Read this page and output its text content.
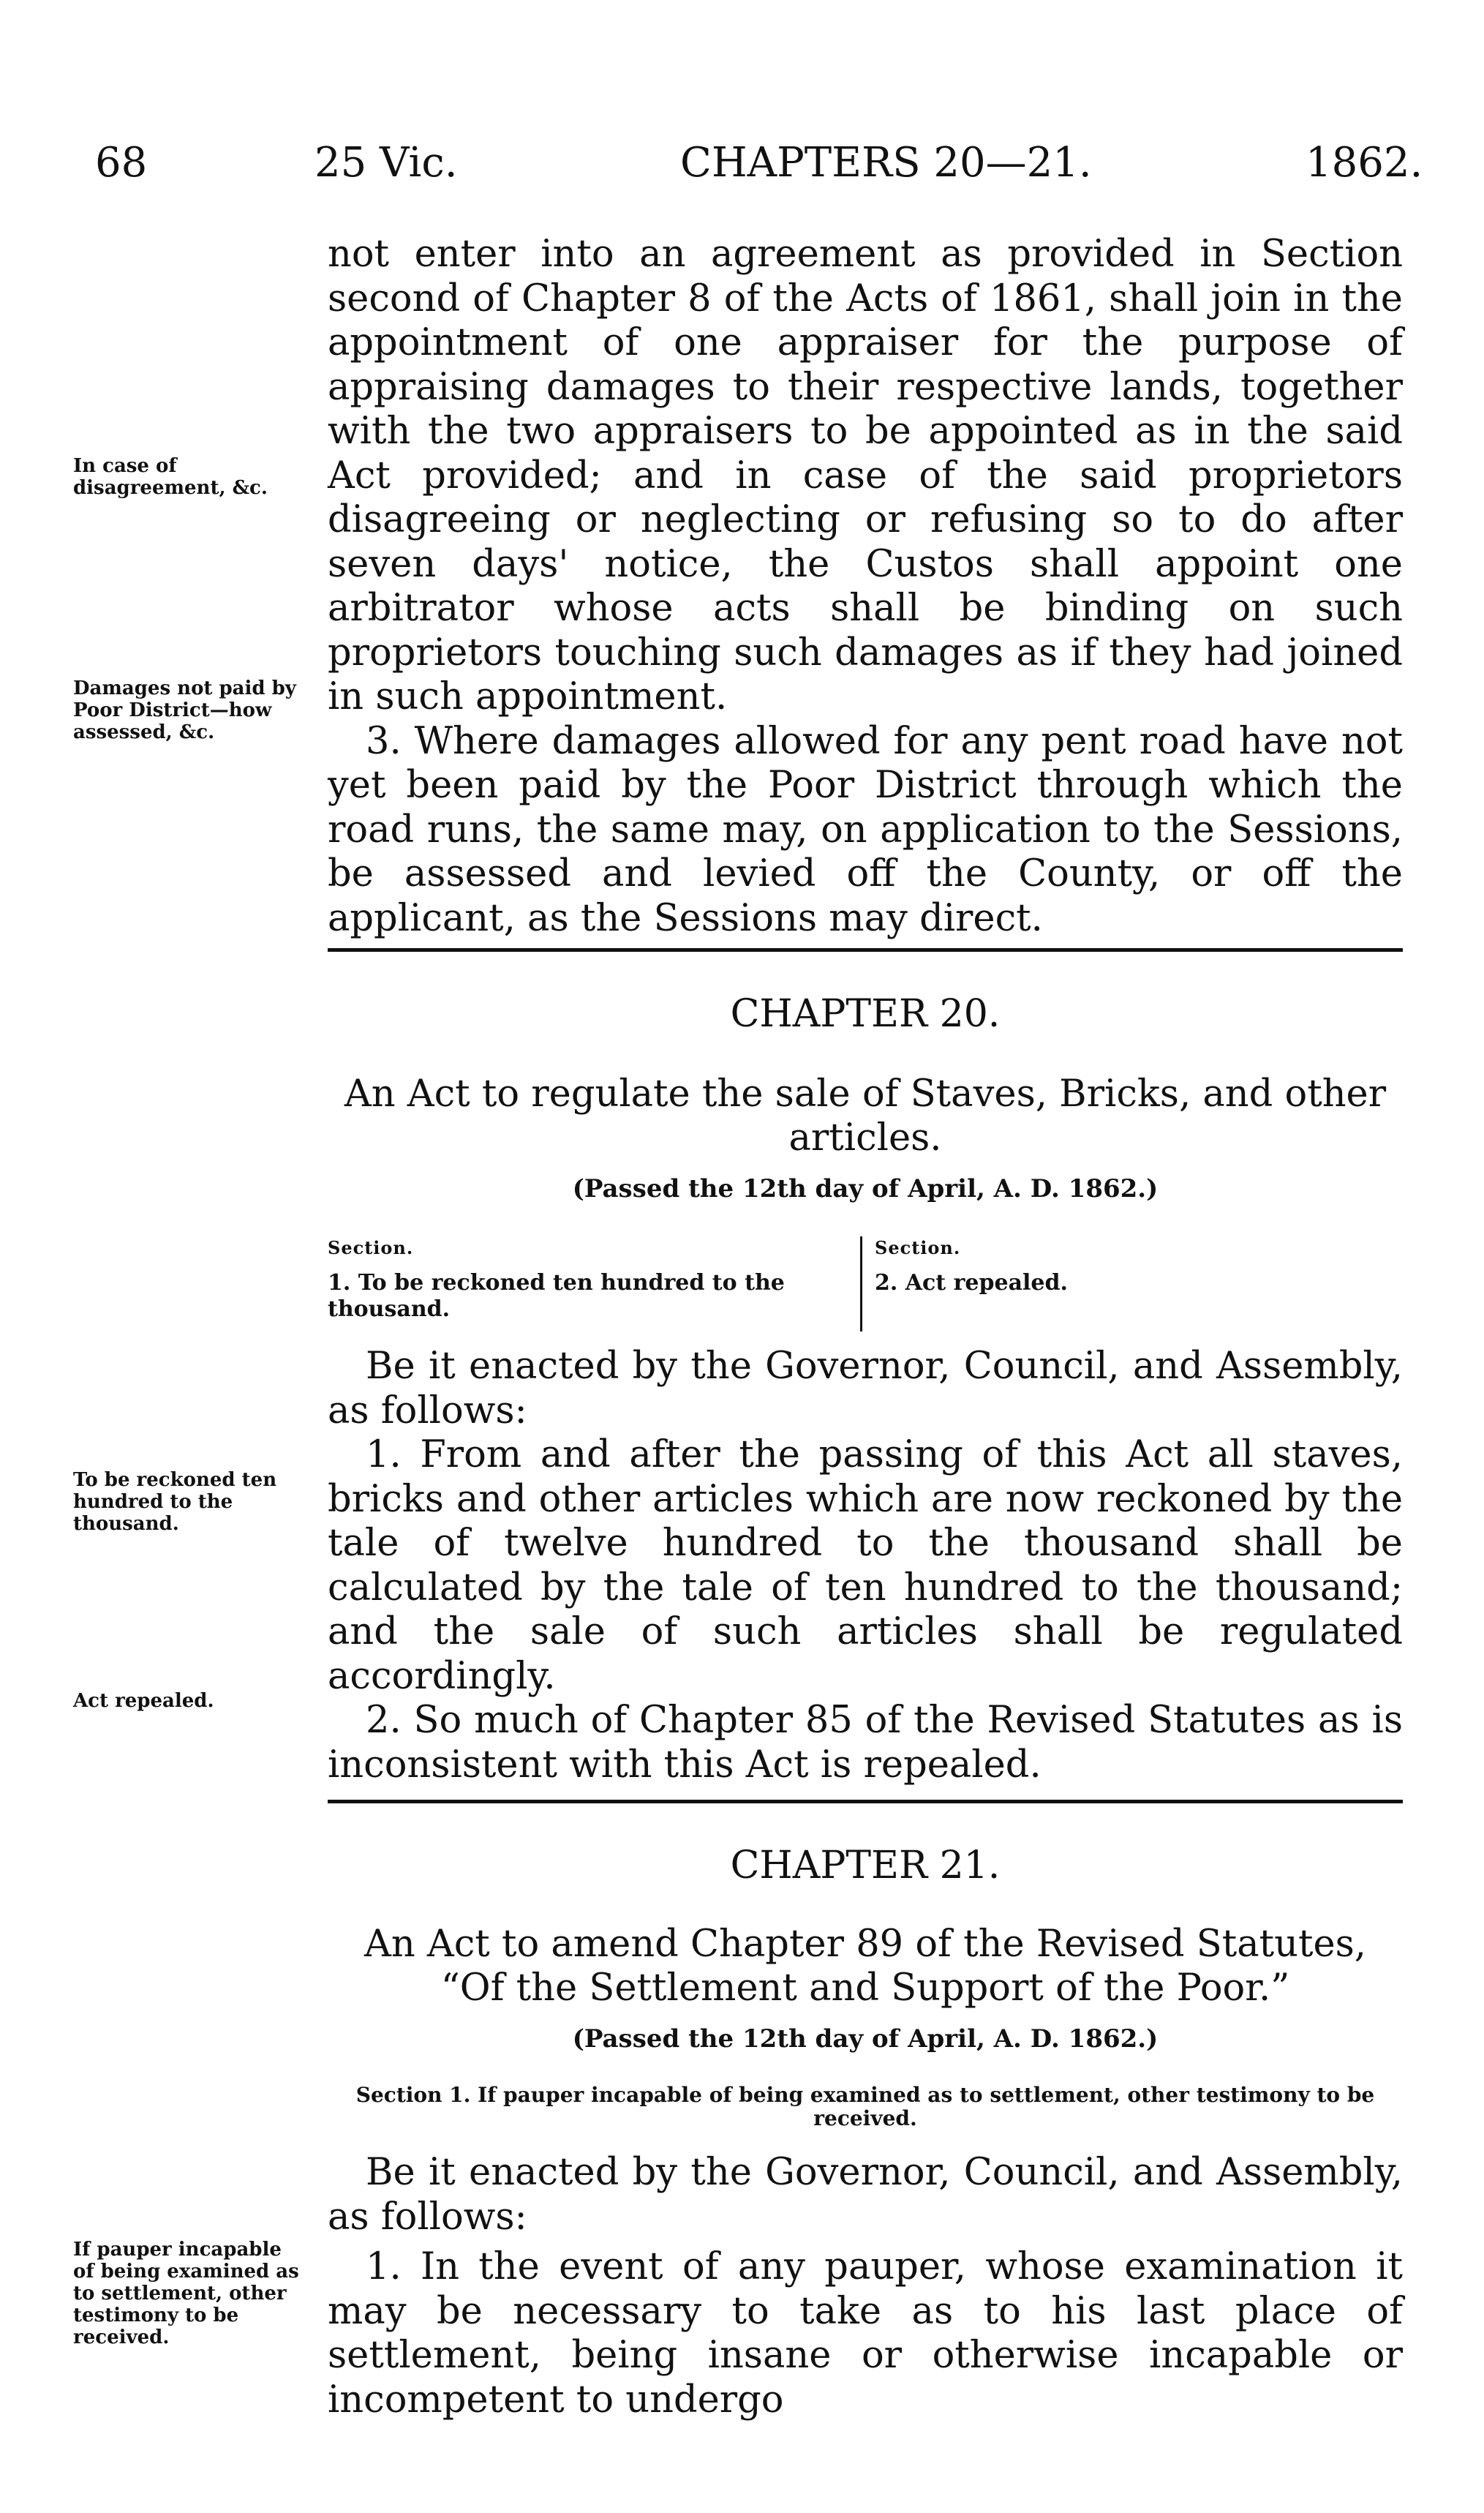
68	25 Vic.	CHAPTERS 20—21.	1862.

not enter into an agreement as provided in Section second of Chapter 8 of the Acts of 1861, shall join in the appointment of one appraiser for the purpose of appraising damages to their respective lands, together with the two appraisers to be appointed as in the said Act provided; and in case of the said proprietors disagreeing or neglecting or refusing so to do after seven days' notice, the Custos shall appoint one arbitrator whose acts shall be binding on such proprietors touching such damages as if they had joined in such appointment.

3. Where damages allowed for any pent road have not yet been paid by the Poor District through which the road runs, the same may, on application to the Sessions, be assessed and levied off the County, or off the applicant, as the Sessions may direct.

In case of disagreement, &c.
Damages not paid by Poor District—how assessed, &c.
CHAPTER 20.
An Act to regulate the sale of Staves, Bricks, and other articles.
(Passed the 12th day of April, A. D. 1862.)
Section.	Section.
1. To be reckoned ten hundred to the thousand.
2. Act repealed.

Be it enacted by the Governor, Council, and Assembly, as follows:

1. From and after the passing of this Act all staves, bricks and other articles which are now reckoned by the tale of twelve hundred to the thousand shall be calculated by the tale of ten hundred to the thousand; and the sale of such articles shall be regulated accordingly.

2. So much of Chapter 85 of the Revised Statutes as is inconsistent with this Act is repealed.

To be reckoned ten hundred to the thousand.
Act repealed.
CHAPTER 21.
An Act to amend Chapter 89 of the Revised Statutes, “Of the Settlement and Support of the Poor.”
(Passed the 12th day of April, A. D. 1862.)
Section 1. If pauper incapable of being examined as to settlement, other testimony to be received.

Be it enacted by the Governor, Council, and Assembly, as follows:

1. In the event of any pauper, whose examination it may be necessary to take as to his last place of settlement, being insane or otherwise incapable or incompetent to undergo

If pauper incapable of being examined as to settlement, other testimony to be received.
